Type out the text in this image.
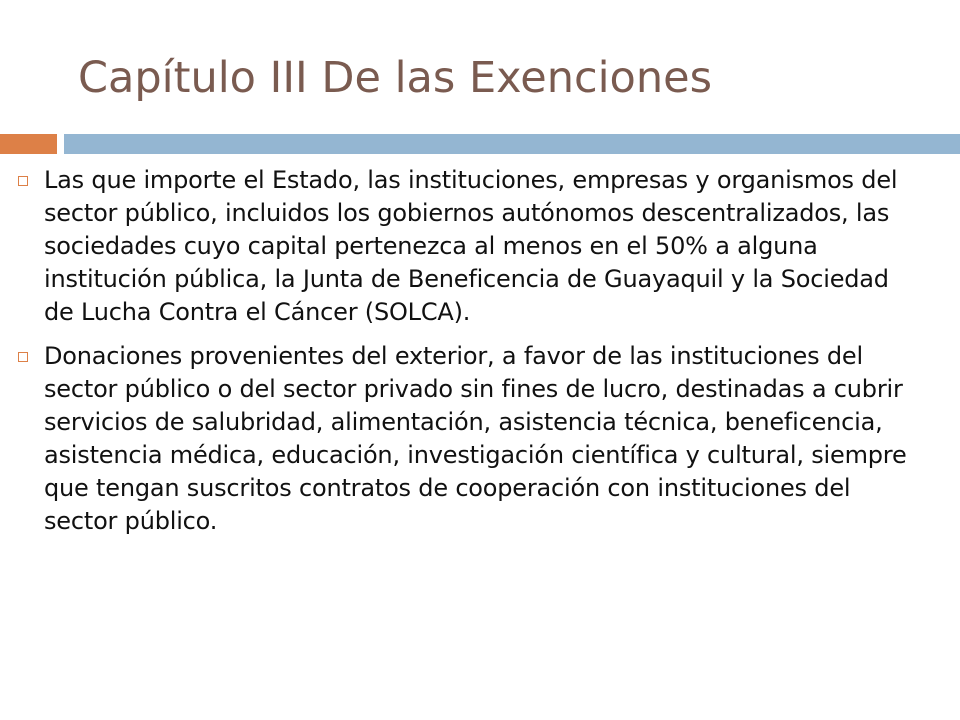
Capítulo III De las Exenciones
Las que importe el Estado, las instituciones, empresas y organismos del sector público, incluidos los gobiernos autónomos descentralizados, las sociedades cuyo capital pertenezca al menos en el 50% a alguna institución pública, la Junta de Beneficencia de Guayaquil y la Sociedad de Lucha Contra el Cáncer (SOLCA).
Donaciones provenientes del exterior, a favor de las instituciones del sector público o del sector privado sin fines de lucro, destinadas a cubrir servicios de salubridad, alimentación, asistencia técnica, beneficencia, asistencia médica, educación, investigación científica y cultural, siempre que tengan suscritos contratos de cooperación con instituciones del sector público.
